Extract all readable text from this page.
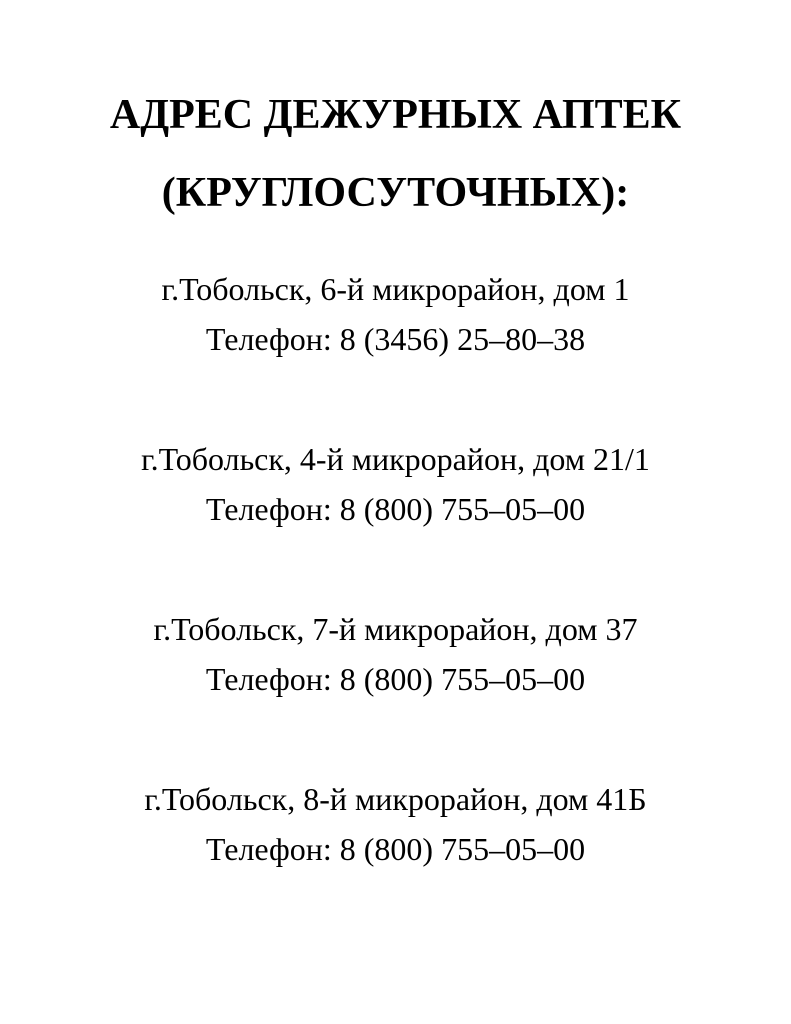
АДРЕС ДЕЖУРНЫХ АПТЕК
(КРУГЛОСУТОЧНЫХ):
г.Тобольск, 6-й микрорайон, дом 1
Телефон: 8 (3456) 25–80–38
г.Тобольск, 4-й микрорайон, дом 21/1
Телефон: 8 (800) 755–05–00
г.Тобольск, 7-й микрорайон, дом 37
Телефон: 8 (800) 755–05–00
г.Тобольск, 8-й микрорайон, дом 41Б
Телефон: 8 (800) 755–05–00
